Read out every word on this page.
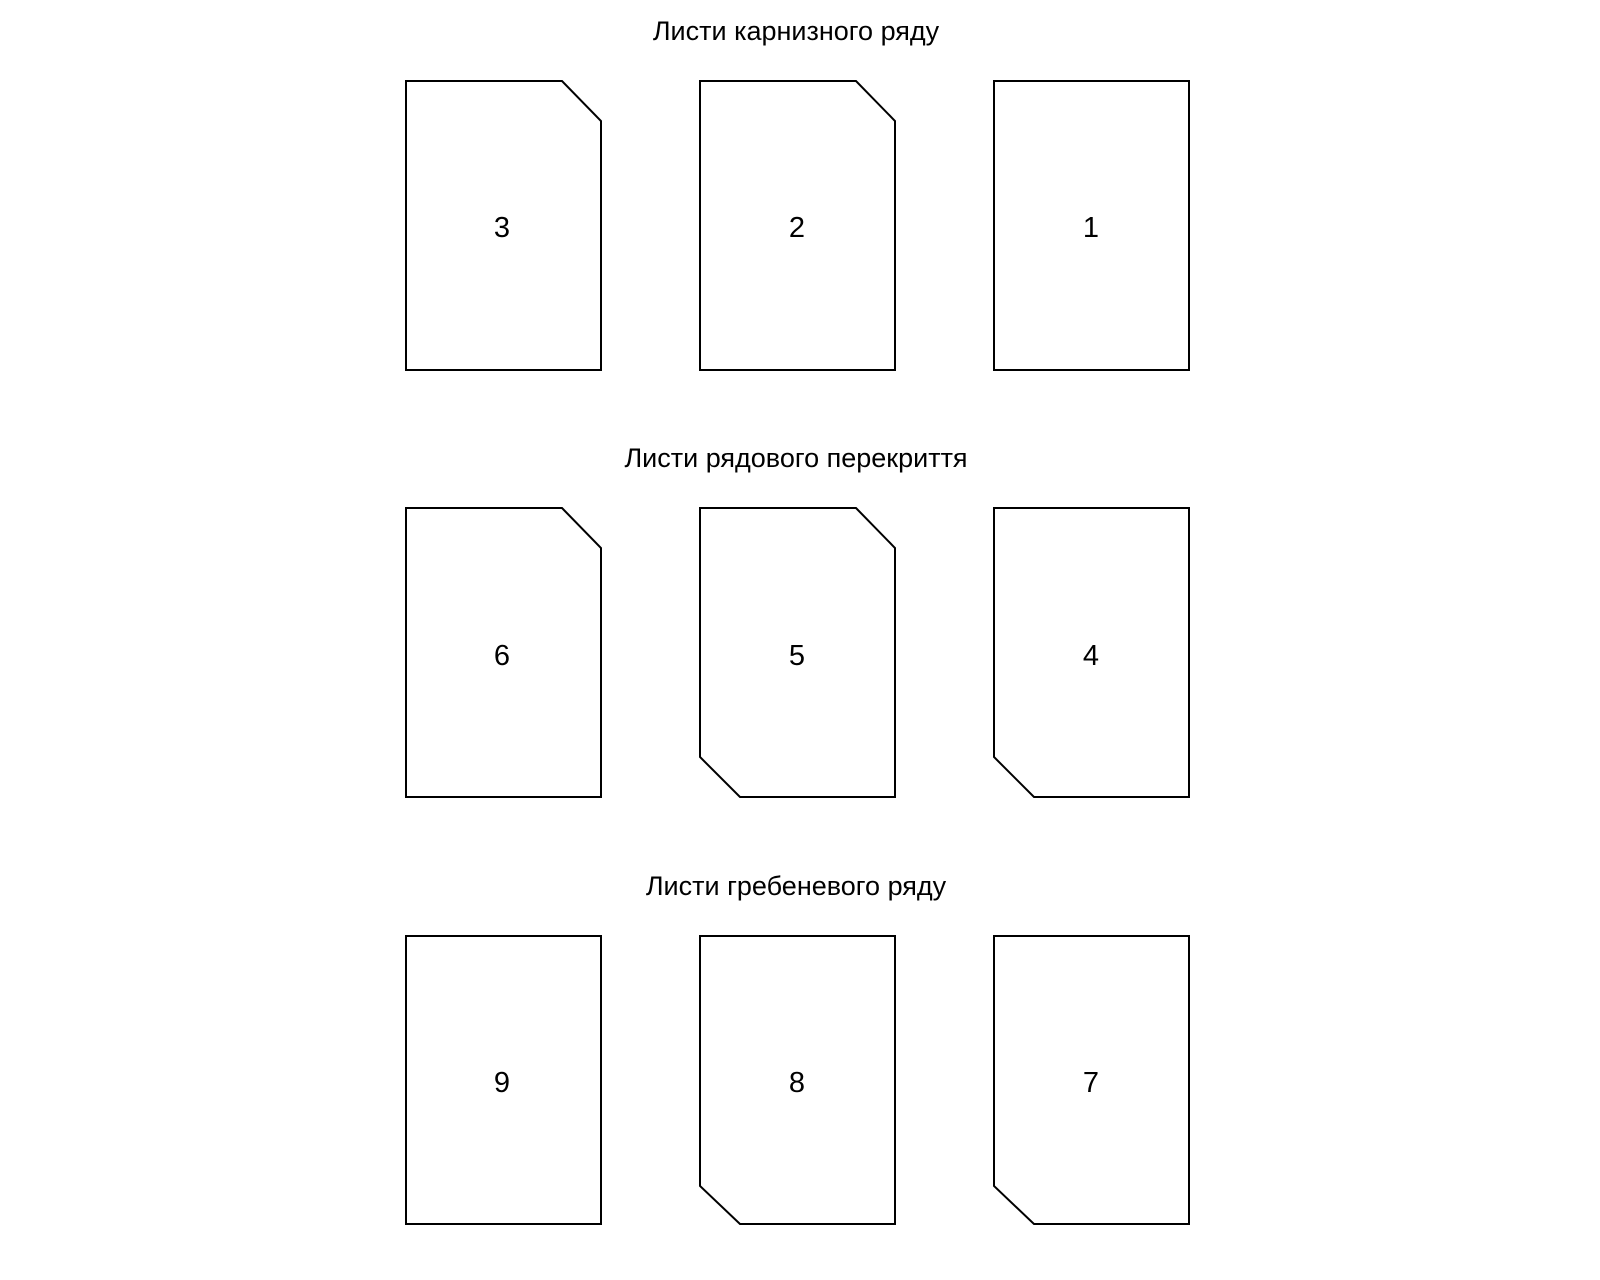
Листи карнизного ряду
3	2	1
Листи рядового перекриття
6	5	4
Листи гребеневого ряду
9	8	7
